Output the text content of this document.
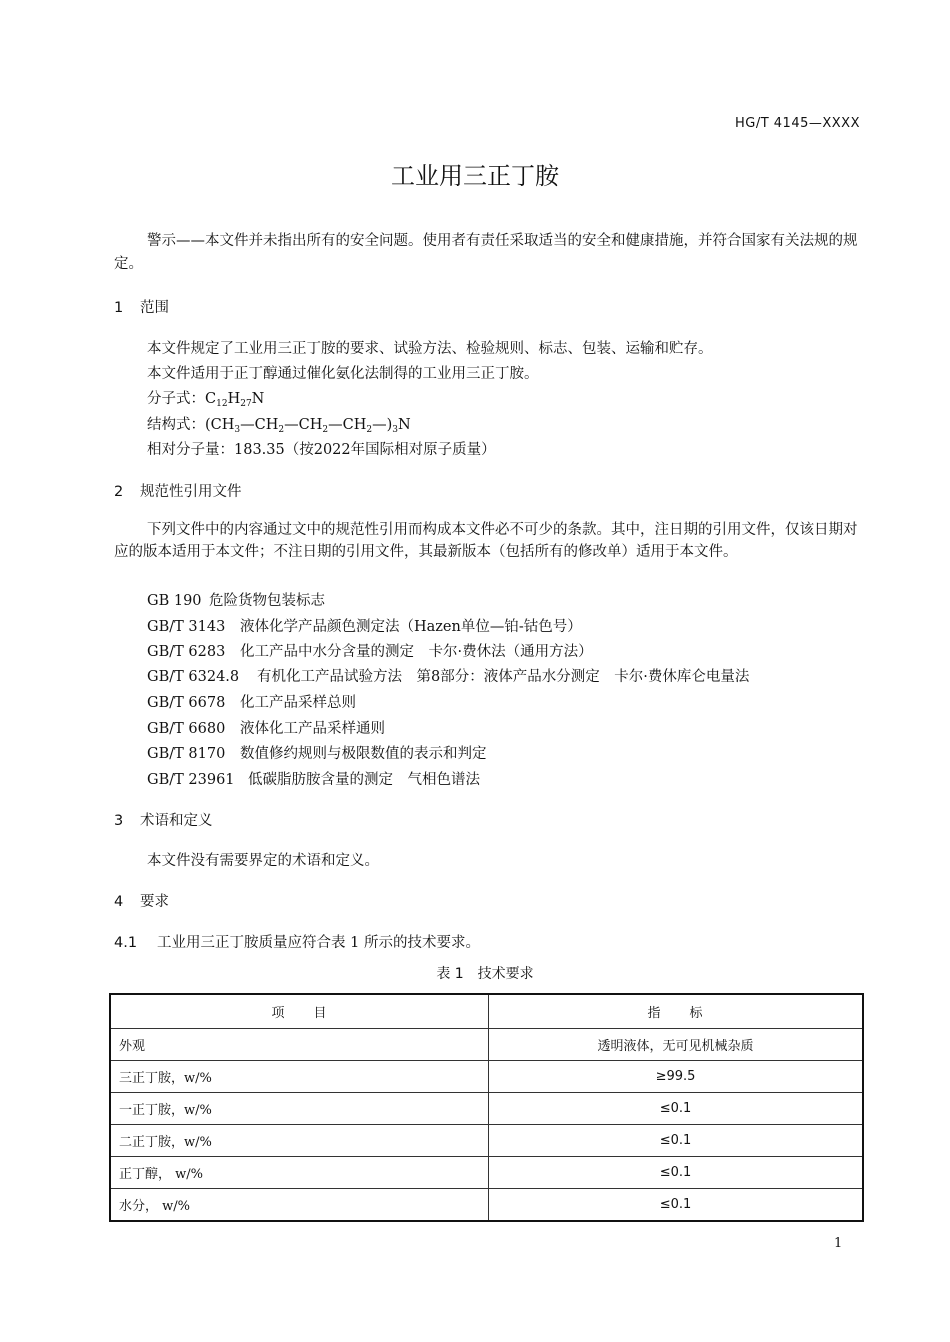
HG/T 4145—XXXX
工业用三正丁胺
警示——本文件并未指出所有的安全问题。使用者有责任采取适当的安全和健康措施，并符合国家有关法规的规定。
1 范围
本文件规定了工业用三正丁胺的要求、试验方法、检验规则、标志、包装、运输和贮存。
本文件适用于正丁醇通过催化氨化法制得的工业用三正丁胺。
分子式：$C_{12}H_{27}N$
结构式：$(CH_3—CH_2—CH_2—CH_2—)_3N$
相对分子量：183.35（按2022年国际相对原子质量）
2 规范性引用文件
下列文件中的内容通过文中的规范性引用而构成本文件必不可少的条款。其中，注日期的引用文件，仅该日期对应的版本适用于本文件；不注日期的引用文件，其最新版本（包括所有的修改单）适用于本文件。
GB 190 危险货物包装标志
GB/T 3143 液体化学产品颜色测定法（Hazen单位—铂-钴色号）
GB/T 6283 化工产品中水分含量的测定　卡尔·费休法（通用方法）
GB/T 6324.8 有机化工产品试验方法　第8部分：液体产品水分测定　卡尔·费休库仑电量法
GB/T 6678 化工产品采样总则
GB/T 6680 液体化工产品采样通则
GB/T 8170 数值修约规则与极限数值的表示和判定
GB/T 23961 低碳脂肪胺含量的测定　气相色谱法
3 术语和定义
本文件没有需要界定的术语和定义。
4 要求
4.1 工业用三正丁胺质量应符合表 1 所示的技术要求。
表 1　技术要求
项　　目	指　　标
外观	透明液体，无可见机械杂质
三正丁胺，w/%	≥99.5
一正丁胺，w/%	≤0.1
二正丁胺，w/%	≤0.1
正丁醇， w/%	≤0.1
水分， w/%	≤0.1
1
